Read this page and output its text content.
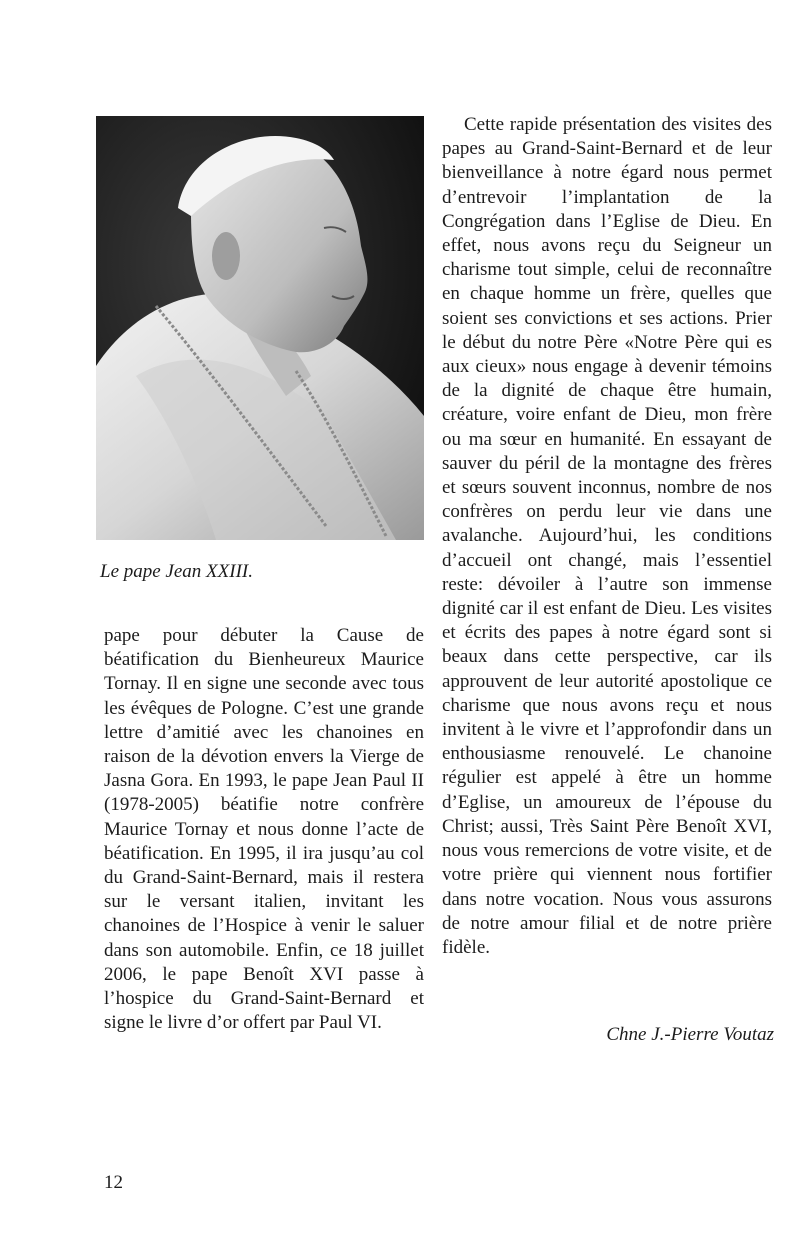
Le pape Jean XXIII.

pape pour débuter la Cause de béatification du Bienheureux Maurice Tornay. Il en signe une seconde avec tous les évêques de Pologne. C’est une grande lettre d’amitié avec les chanoines en raison de la dévotion envers la Vierge de Jasna Gora. En 1993, le pape Jean Paul II (1978-2005) béatifie notre confrère Maurice Tornay et nous donne l’acte de béatification. En 1995, il ira jusqu’au col du Grand-Saint-Bernard, mais il restera sur le versant italien, invitant les chanoines de l’Hospice à venir le saluer dans son automobile. Enfin, ce 18 juillet 2006, le pape Benoît XVI passe à l’hospice du Grand-Saint-Bernard et signe le livre d’or offert par Paul VI.

Cette rapide présentation des visites des papes au Grand-Saint-Bernard et de leur bienveillance à notre égard nous permet d’entrevoir l’implantation de la Congrégation dans l’Eglise de Dieu. En effet, nous avons reçu du Seigneur un charisme tout simple, celui de reconnaître en chaque homme un frère, quelles que soient ses convictions et ses actions. Prier le début du notre Père «Notre Père qui es aux cieux» nous engage à devenir témoins de la dignité de chaque être humain, créature, voire enfant de Dieu, mon frère ou ma sœur en humanité. En essayant de sauver du péril de la montagne des frères et sœurs souvent inconnus, nombre de nos confrères on perdu leur vie dans une avalanche. Aujourd’hui, les conditions d’accueil ont changé, mais l’essentiel reste: dévoiler à l’autre son immense dignité car il est enfant de Dieu. Les visites et écrits des papes à notre égard sont si beaux dans cette perspective, car ils approuvent de leur autorité apostolique ce charisme que nous avons reçu et nous invitent à le vivre et l’approfondir dans un enthousiasme renouvelé. Le chanoine régulier est appelé à être un homme d’Eglise, un amoureux de l’épouse du Christ; aussi, Très Saint Père Benoît XVI, nous vous remercions de votre visite, et de votre prière qui viennent nous fortifier dans notre vocation. Nous vous assurons de notre amour filial et de notre prière fidèle.

Chne J.-Pierre Voutaz

12
